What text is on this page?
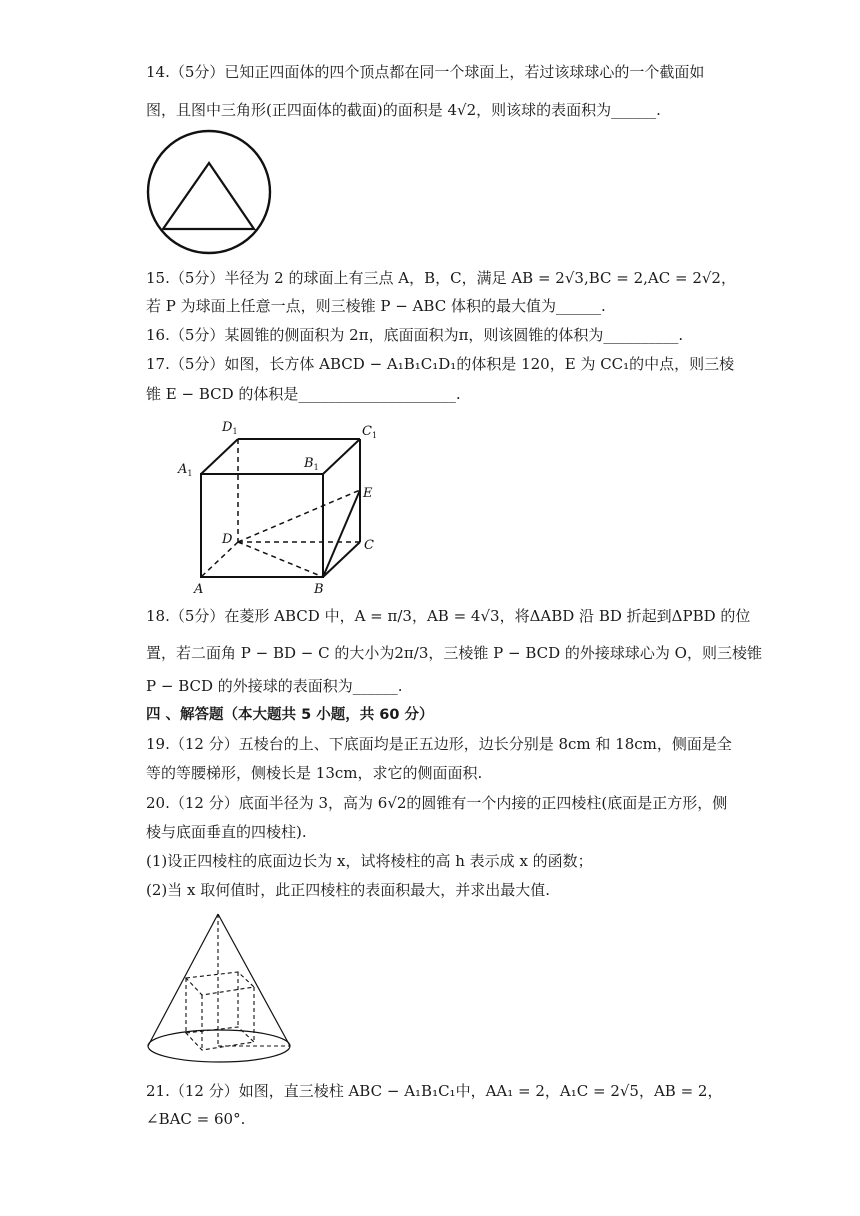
14.（5分）已知正四面体的四个顶点都在同一个球面上，若过该球球心的一个截面如
图，且图中三角形(正四面体的截面)的面积是 4√2，则该球的表面积为______.
15.（5分）半径为 2 的球面上有三点 A，B，C，满足 AB = 2√3,BC = 2,AC = 2√2，
若 P 为球面上任意一点，则三棱锥 P − ABC 体积的最大值为______.
16.（5分）某圆锥的侧面积为 2π，底面面积为π，则该圆锥的体积为__________.
17.（5分）如图，长方体 ABCD − A₁B₁C₁D₁的体积是 120，E 为 CC₁的中点，则三棱
锥 E − BCD 的体积是_____________________.
$D_1$	$C_1$
$A_1$
$B_1$
E
D	C
A	B
18.（5分）在菱形 ABCD 中，A = π/3，AB = 4√3，将ΔABD 沿 BD 折起到ΔPBD 的位
置，若二面角 P − BD − C 的大小为2π/3，三棱锥 P − BCD 的外接球球心为 O，则三棱锥
P − BCD 的外接球的表面积为______.
四 、解答题（本大题共 5 小题，共 60 分）
19.（12 分）五棱台的上、下底面均是正五边形，边长分别是 8cm 和 18cm，侧面是全
等的等腰梯形，侧棱长是 13cm，求它的侧面面积.
20.（12 分）底面半径为 3，高为 6√2的圆锥有一个内接的正四棱柱(底面是正方形，侧
棱与底面垂直的四棱柱).
(1)设正四棱柱的底面边长为 x，试将棱柱的高 h 表示成 x 的函数；
(2)当 x 取何值时，此正四棱柱的表面积最大，并求出最大值.
21.（12 分）如图，直三棱柱 ABC − A₁B₁C₁中，AA₁ = 2，A₁C = 2√5，AB = 2，
∠BAC = 60°.
